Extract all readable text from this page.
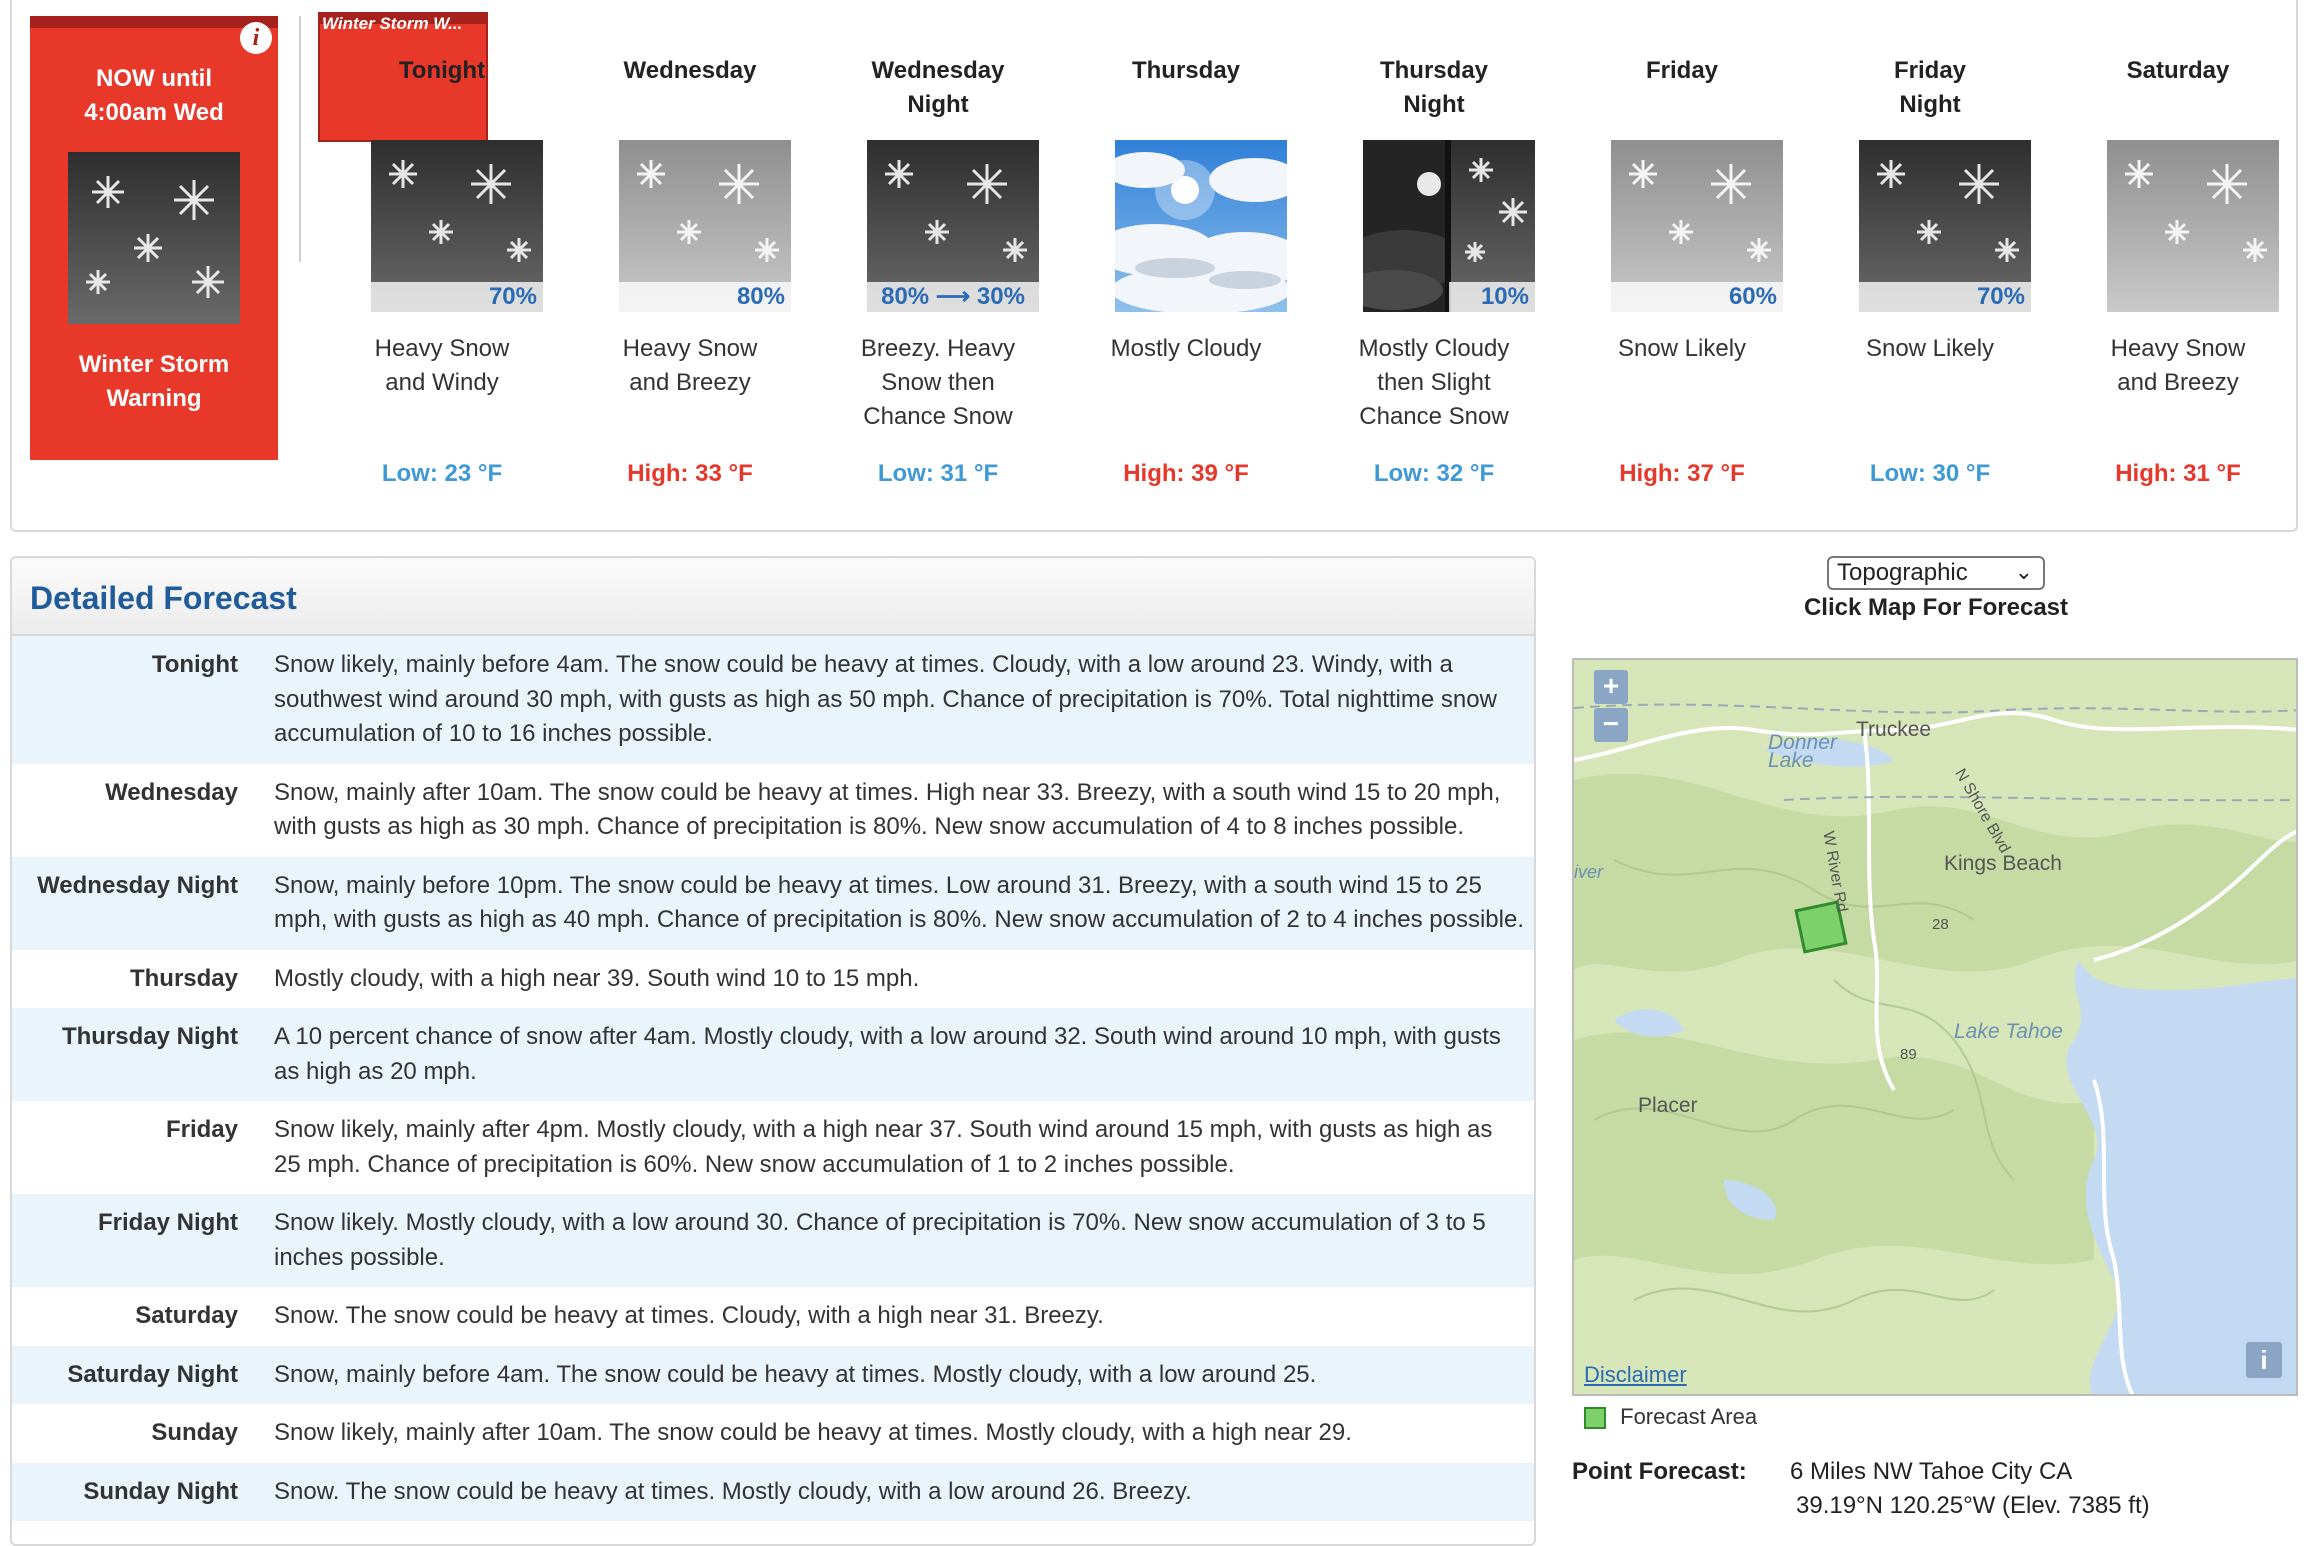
i
NOW until
4:00am Wed
Winter Storm
Warning
Winter Storm W...
Tonight
70%
Heavy Snow
and Windy
Low: 23 °F
Wednesday
80%
Heavy Snow
and Breezy
High: 33 °F
Wednesday
Night
80% ⟶ 30%
Breezy. Heavy
Snow then
Chance Snow
Low: 31 °F
Thursday
Mostly Cloudy
High: 39 °F
Thursday
Night
10%
Mostly Cloudy
then Slight
Chance Snow
Low: 32 °F
Friday
60%
Snow Likely
High: 37 °F
Friday
Night
70%
Snow Likely
Low: 30 °F
Saturday
Heavy Snow
and Breezy
High: 31 °F
Detailed Forecast
Tonight	Snow likely, mainly before 4am. The snow could be heavy at times. Cloudy, with a low around 23. Windy, with a southwest wind around 30 mph, with gusts as high as 50 mph. Chance of precipitation is 70%. Total nighttime snow accumulation of 10 to 16 inches possible.
Wednesday	Snow, mainly after 10am. The snow could be heavy at times. High near 33. Breezy, with a south wind 15 to 20 mph, with gusts as high as 30 mph. Chance of precipitation is 80%. New snow accumulation of 4 to 8 inches possible.
Wednesday Night	Snow, mainly before 10pm. The snow could be heavy at times. Low around 31. Breezy, with a south wind 15 to 25 mph, with gusts as high as 40 mph. Chance of precipitation is 80%. New snow accumulation of 2 to 4 inches possible.
Thursday	Mostly cloudy, with a high near 39. South wind 10 to 15 mph.
Thursday Night	A 10 percent chance of snow after 4am. Mostly cloudy, with a low around 32. South wind around 10 mph, with gusts as high as 20 mph.
Friday	Snow likely, mainly after 4pm. Mostly cloudy, with a high near 37. South wind around 15 mph, with gusts as high as 25 mph. Chance of precipitation is 60%. New snow accumulation of 1 to 2 inches possible.
Friday Night	Snow likely. Mostly cloudy, with a low around 30. Chance of precipitation is 70%. New snow accumulation of 3 to 5 inches possible.
Saturday	Snow. The snow could be heavy at times. Cloudy, with a high near 31. Breezy.
Saturday Night	Snow, mainly before 4am. The snow could be heavy at times. Mostly cloudy, with a low around 25.
Sunday	Snow likely, mainly after 10am. The snow could be heavy at times. Mostly cloudy, with a high near 29.
Sunday Night	Snow. The snow could be heavy at times. Mostly cloudy, with a low around 26. Breezy.
Topographic ⌄
Click Map For Forecast
+
−	Truckee
Donner
Lake
Kings Beach
Lake Tahoe
Placer
iver	W River Rd
N Shore Blvd
28
89
Disclaimer	i
Forecast Area
Point Forecast: 6 Miles NW Tahoe City CA
39.19°N 120.25°W (Elev. 7385 ft)
